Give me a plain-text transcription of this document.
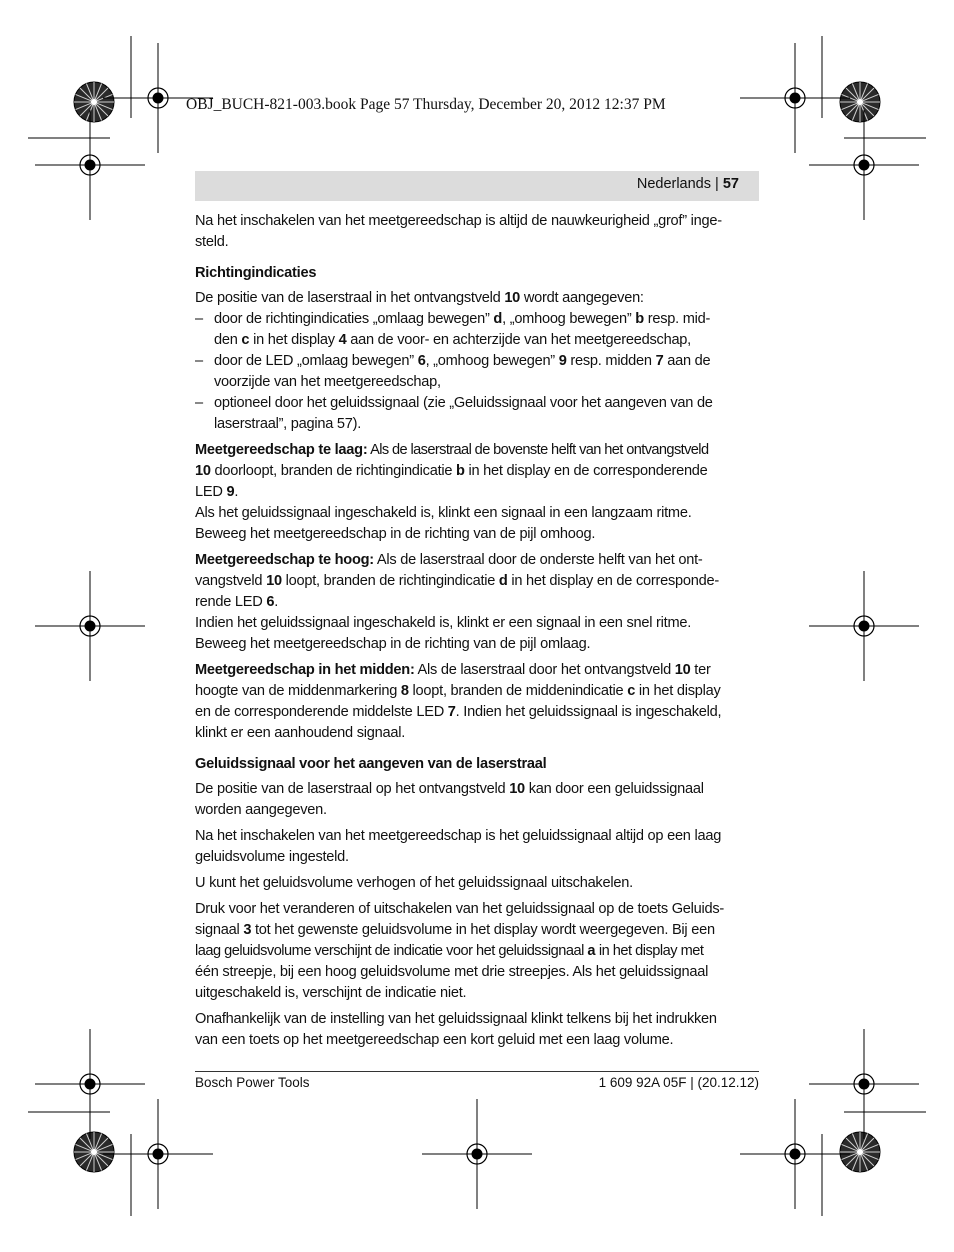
OBJ_BUCH-821-003.book Page 57 Thursday, December 20, 2012 12:37 PM
Nederlands | 57

Na het inschakelen van het meetgereedschap is altijd de nauwkeurigheid „grof” inge-
steld.

Richtingindicaties

De positie van de laserstraal in het ontvangstveld 10 wordt aangegeven:

– door de richtingindicaties „omlaag bewegen” d, „omhoog bewegen” b resp. mid-
den c in het display 4 aan de voor- en achterzijde van het meetgereedschap,
– door de LED „omlaag bewegen” 6, „omhoog bewegen” 9 resp. midden 7 aan de
voorzijde van het meetgereedschap,
– optioneel door het geluidssignaal (zie „Geluidssignaal voor het aangeven van de
laserstraal”, pagina 57).

Meetgereedschap te laag: Als de laserstraal de bovenste helft van het ontvangstveld
10 doorloopt, branden de richtingindicatie b in het display en de corresponderende
LED 9.

Als het geluidssignaal ingeschakeld is, klinkt een signaal in een langzaam ritme.
Beweeg het meetgereedschap in de richting van de pijl omhoog.

Meetgereedschap te hoog: Als de laserstraal door de onderste helft van het ont-
vangstveld 10 loopt, branden de richtingindicatie d in het display en de corresponde-
rende LED 6.

Indien het geluidssignaal ingeschakeld is, klinkt er een signaal in een snel ritme.
Beweeg het meetgereedschap in de richting van de pijl omlaag.

Meetgereedschap in het midden: Als de laserstraal door het ontvangstveld 10 ter
hoogte van de middenmarkering 8 loopt, branden de middenindicatie c in het display
en de corresponderende middelste LED 7. Indien het geluidssignaal is ingeschakeld,
klinkt er een aanhoudend signaal.

Geluidssignaal voor het aangeven van de laserstraal

De positie van de laserstraal op het ontvangstveld 10 kan door een geluidssignaal
worden aangegeven.

Na het inschakelen van het meetgereedschap is het geluidssignaal altijd op een laag
geluidsvolume ingesteld.

U kunt het geluidsvolume verhogen of het geluidssignaal uitschakelen.

Druk voor het veranderen of uitschakelen van het geluidssignaal op de toets Geluids-
signaal 3 tot het gewenste geluidsvolume in het display wordt weergegeven. Bij een
laag geluidsvolume verschijnt de indicatie voor het geluidssignaal a in het display met
één streepje, bij een hoog geluidsvolume met drie streepjes. Als het geluidssignaal
uitgeschakeld is, verschijnt de indicatie niet.

Onafhankelijk van de instelling van het geluidssignaal klinkt telkens bij het indrukken
van een toets op het meetgereedschap een kort geluid met een laag volume.

Bosch Power Tools	1 609 92A 05F | (20.12.12)
